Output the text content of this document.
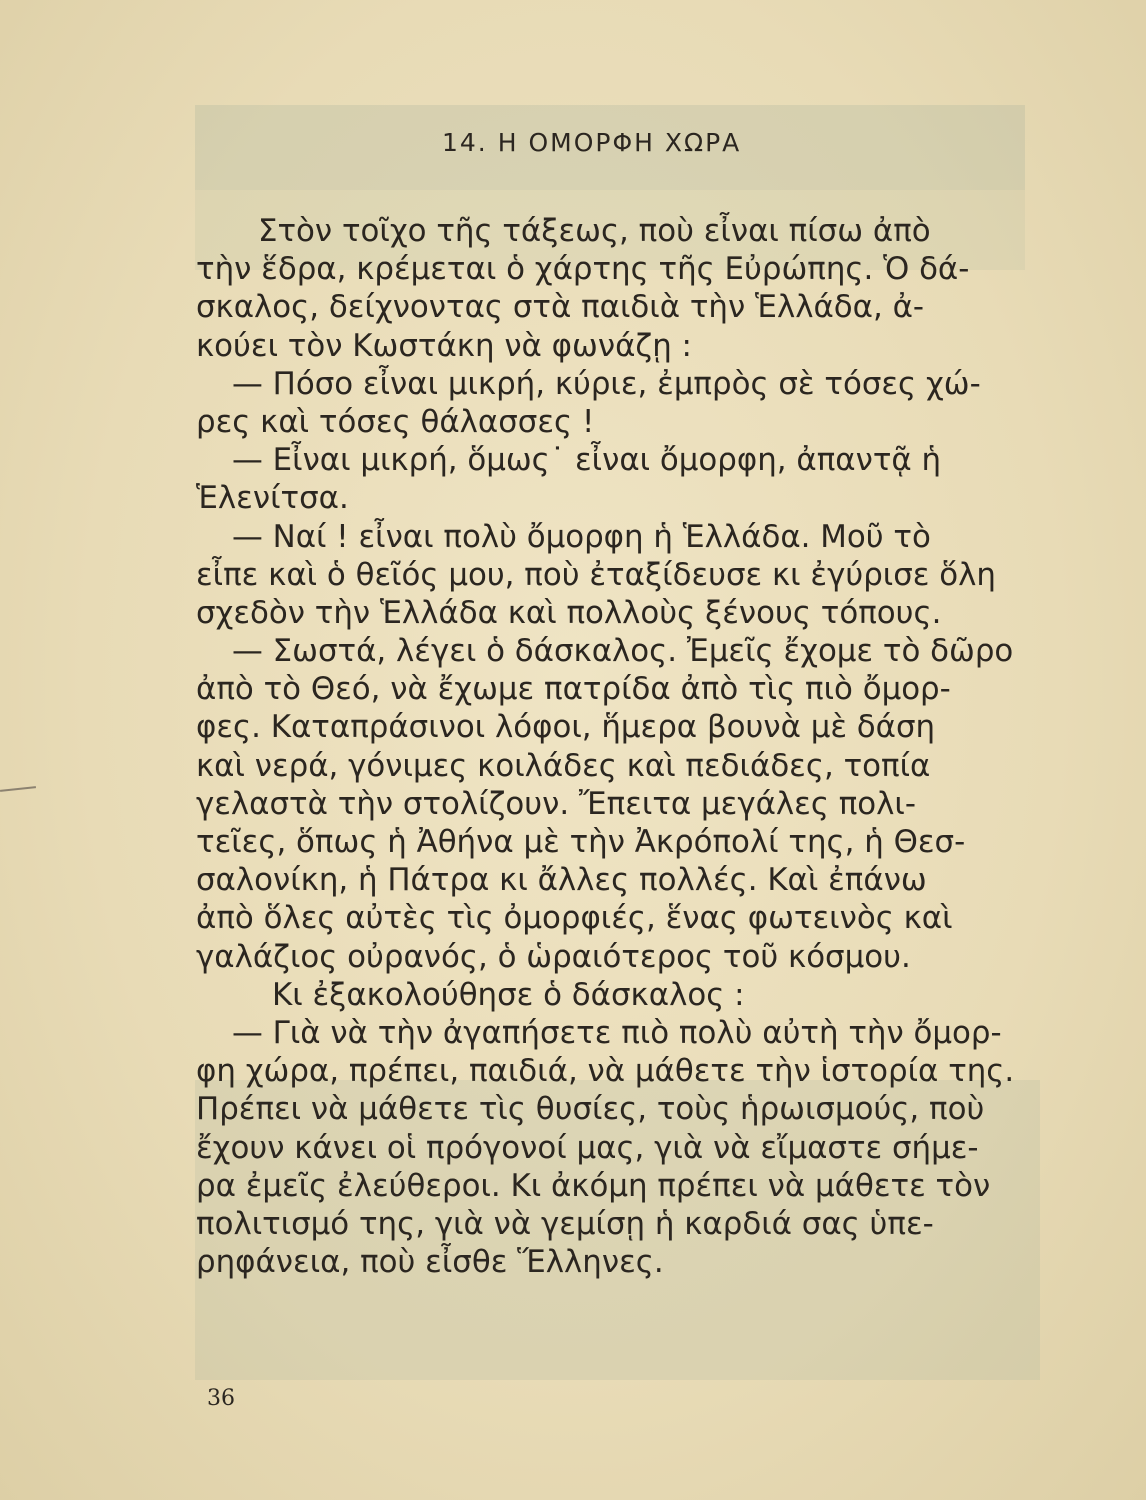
14. Η ΟΜΟΡΦΗ ΧΩΡΑ
Στὸν τοῖχο τῆς τάξεως, ποὺ εἶναι πίσω ἀπὸ
τὴν ἕδρα, κρέμεται ὁ χάρτης τῆς Εὐρώπης. Ὁ δά-
σκαλος, δείχνοντας στὰ παιδιὰ τὴν Ἑλλάδα, ἀ-
κούει τὸν Κωστάκη νὰ φωνάζῃ :
— Πόσο εἶναι μικρή, κύριε, ἐμπρὸς σὲ τόσες χώ-
ρες καὶ τόσες θάλασσες !
— Εἶναι μικρή, ὅμως˙ εἶναι ὄμορφη, ἀπαντᾷ ἡ
Ἑλενίτσα.
— Ναί ! εἶναι πολὺ ὄμορφη ἡ Ἑλλάδα. Μοῦ τὸ
εἶπε καὶ ὁ θεῖός μου, ποὺ ἐταξίδευσε κι ἐγύρισε ὅλη
σχεδὸν τὴν Ἑλλάδα καὶ πολλοὺς ξένους τόπους.
— Σωστά, λέγει ὁ δάσκαλος. Ἐμεῖς ἔχομε τὸ δῶρο
ἀπὸ τὸ Θεό, νὰ ἔχωμε πατρίδα ἀπὸ τὶς πιὸ ὄμορ-
φες. Καταπράσινοι λόφοι, ἥμερα βουνὰ μὲ δάση
καὶ νερά, γόνιμες κοιλάδες καὶ πεδιάδες, τοπία
γελαστὰ τὴν στολίζουν. Ἔπειτα μεγάλες πολι-
τεῖες, ὅπως ἡ Ἀθήνα μὲ τὴν Ἀκρόπολί της, ἡ Θεσ-
σαλονίκη, ἡ Πάτρα κι ἄλλες πολλές. Καὶ ἐπάνω
ἀπὸ ὅλες αὐτὲς τὶς ὀμορφιές, ἕνας φωτεινὸς καὶ
γαλάζιος οὐρανός, ὁ ὡραιότερος τοῦ κόσμου.
Κι ἐξακολούθησε ὁ δάσκαλος :
— Γιὰ νὰ τὴν ἀγαπήσετε πιὸ πολὺ αὐτὴ τὴν ὄμορ-
φη χώρα, πρέπει, παιδιά, νὰ μάθετε τὴν ἱστορία της.
Πρέπει νὰ μάθετε τὶς θυσίες, τοὺς ἡρωισμούς, ποὺ
ἔχουν κάνει οἱ πρόγονοί μας, γιὰ νὰ εἴμαστε σήμε-
ρα ἐμεῖς ἐλεύθεροι. Κι ἀκόμη πρέπει νὰ μάθετε τὸν
πολιτισμό της, γιὰ νὰ γεμίσῃ ἡ καρδιά σας ὑπε-
ρηφάνεια, ποὺ εἶσθε Ἕλληνες.
36
